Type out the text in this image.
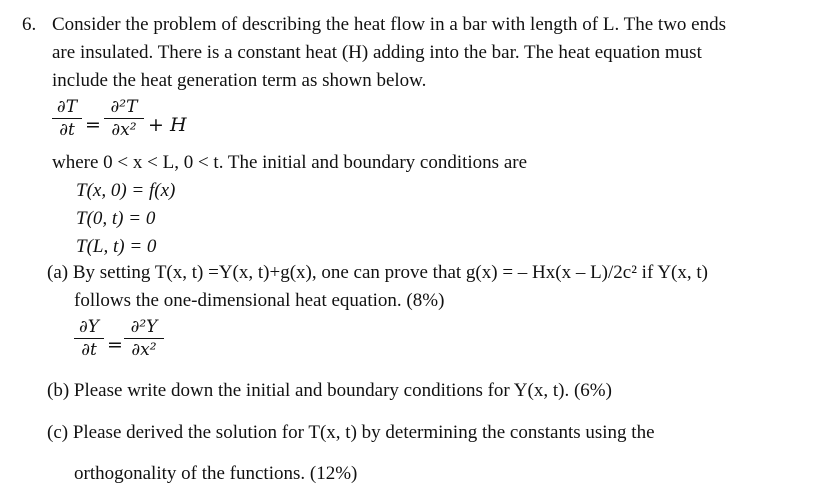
6. Consider the problem of describing the heat flow in a bar with length of L. The two ends
are insulated. There is a constant heat (H) adding into the bar. The heat equation must
include the heat generation term as shown below.
∂T
∂t =
∂²T
∂x² + H
where 0 < x < L, 0 < t. The initial and boundary conditions are
T(x, 0) = f(x)
T(0, t) = 0
T(L, t) = 0
(a) By setting T(x, t) =Y(x, t)+g(x), one can prove that g(x) = – Hx(x – L)/2c² if Y(x, t)
follows the one-dimensional heat equation. (8%)
∂Y
∂t =
∂²Y
∂x²
(b) Please write down the initial and boundary conditions for Y(x, t). (6%)
(c) Please derived the solution for T(x, t) by determining the constants using the
orthogonality of the functions. (12%)
